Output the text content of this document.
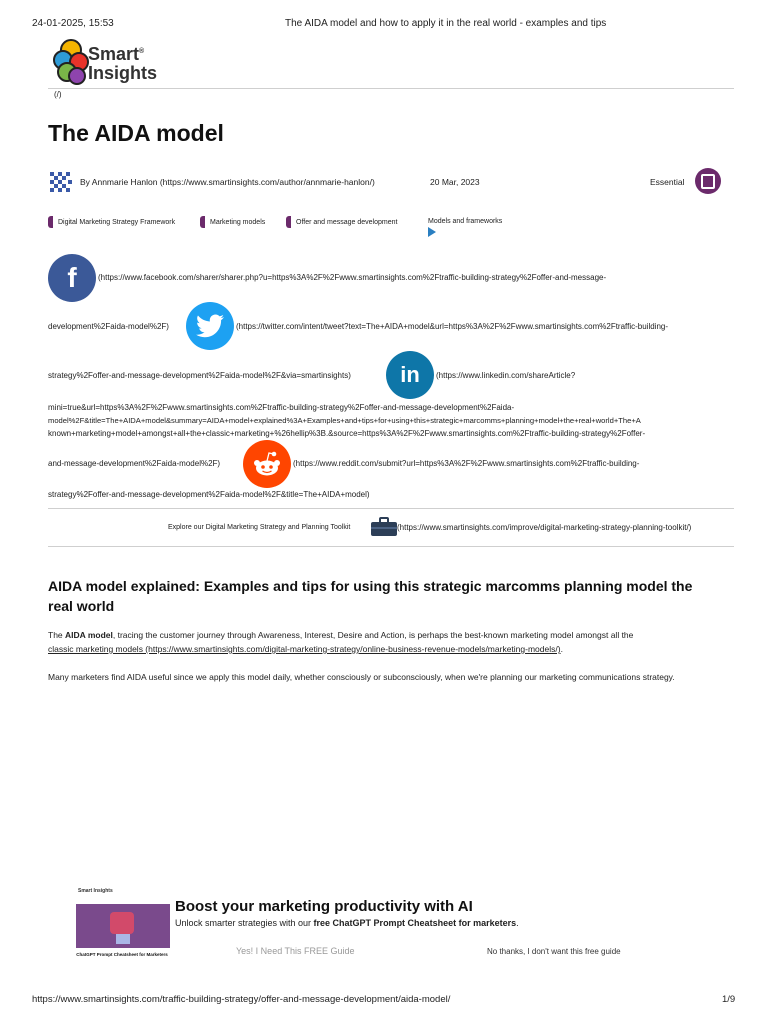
24-01-2025, 15:53	The AIDA model and how to apply it in the real world - examples and tips
Smart®
Insights
(/)
The AIDA model
By Annmarie Hanlon (https://www.smartinsights.com/author/annmarie-hanlon/)	20 Mar, 2023	Essential
Digital Marketing Strategy Framework	Marketing models	Offer and message development	Models and frameworks
f	(https://www.facebook.com/sharer/sharer.php?u=https%3A%2F%2Fwww.smartinsights.com%2Ftraffic-building-strategy%2Foffer-and-message-
development%2Faida-model%2F)	(https://twitter.com/intent/tweet?text=The+AIDA+model&url=https%3A%2F%2Fwww.smartinsights.com%2Ftraffic-building-
strategy%2Foffer-and-message-development%2Faida-model%2F&via=smartinsights)	in	(https://www.linkedin.com/shareArticle?
mini=true&url=https%3A%2F%2Fwww.smartinsights.com%2Ftraffic-building-strategy%2Foffer-and-message-development%2Faida-
model%2F&title=The+AIDA+model&summary=AIDA+model+explained%3A+Examples+and+tips+for+using+this+strategic+marcomms+planning+model+the+real+world+The+A
known+marketing+model+amongst+all+the+classic+marketing+%26hellip%3B.&source=https%3A%2F%2Fwww.smartinsights.com%2Ftraffic-building-strategy%2Foffer-
and-message-development%2Faida-model%2F)	(https://www.reddit.com/submit?url=https%3A%2F%2Fwww.smartinsights.com%2Ftraffic-building-
strategy%2Foffer-and-message-development%2Faida-model%2F&title=The+AIDA+model)
Explore our Digital Marketing Strategy and Planning Toolkit	(https://www.smartinsights.com/improve/digital-marketing-strategy-planning-toolkit/)
AIDA model explained: Examples and tips for using this strategic marcomms planning model the real world

The AIDA model, tracing the customer journey through Awareness, Interest, Desire and Action, is perhaps the best-known marketing model amongst all the
classic marketing models (https://www.smartinsights.com/digital-marketing-strategy/online-business-revenue-models/marketing-models/).

Many marketers find AIDA useful since we apply this model daily, whether consciously or subconsciously, when we're planning our marketing communications strategy.

Smart Insights
ChatGPT Prompt Cheatsheet for Marketers
Boost your marketing productivity with AI
Unlock smarter strategies with our free ChatGPT Prompt Cheatsheet for marketers.
Yes! I Need This FREE Guide	No thanks, I don't want this free guide
https://www.smartinsights.com/traffic-building-strategy/offer-and-message-development/aida-model/	1/9
